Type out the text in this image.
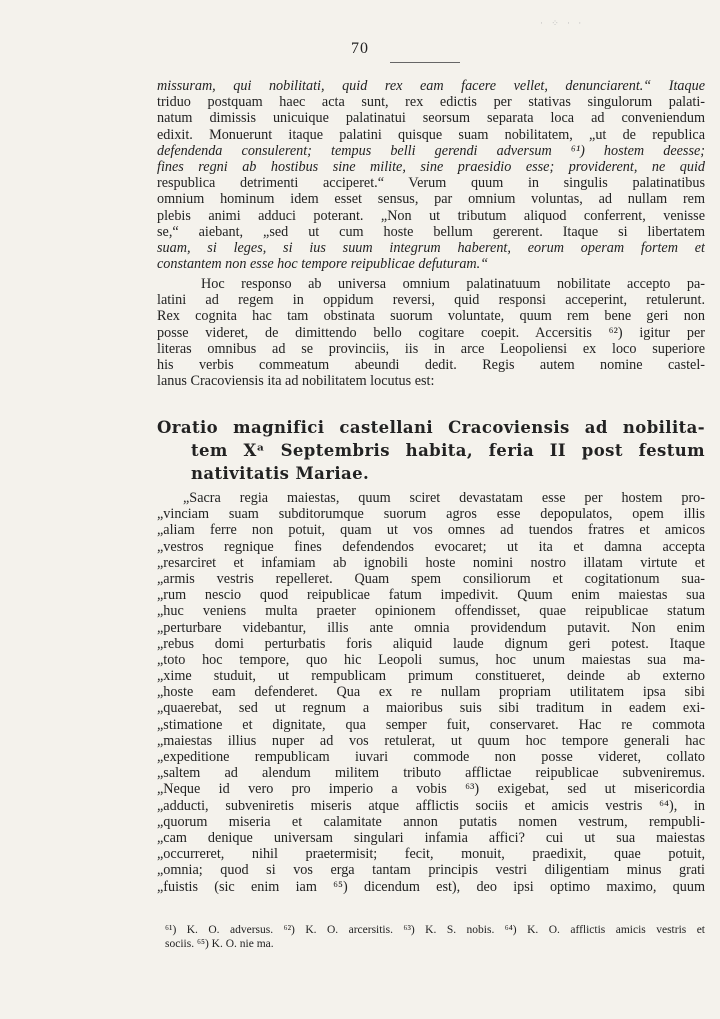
· ⁘ · ·
70
missuram, qui nobilitati, quid rex eam facere vellet, denunciarent.“ Itaque
triduo postquam haec acta sunt, rex edictis per stativas singulorum palati-
natum dimissis unicuique palatinatui seorsum separata loca ad conveniendum
edixit. Monuerunt itaque palatini quisque suam nobilitatem, „ut de republica
defendenda consulerent; tempus belli gerendi adversum ⁶¹) hostem deesse;
fines regni ab hostibus sine milite, sine praesidio esse; providerent, ne quid
respublica detrimenti acciperet.“ Verum quum in singulis palatinatibus
omnium hominum idem esset sensus, par omnium voluntas, ad nullam rem
plebis animi adduci poterant. „Non ut tributum aliquod conferrent, venisse
se,“ aiebant, „sed ut cum hoste bellum gererent. Itaque si libertatem
suam, si leges, si ius suum integrum haberent, eorum operam fortem et
constantem non esse hoc tempore reipublicae defuturam.“
Hoc responso ab universa omnium palatinatuum nobilitate accepto pa-
latini ad regem in oppidum reversi, quid responsi acceperint, retulerunt.
Rex cognita hac tam obstinata suorum voluntate, quum rem bene geri non
posse videret, de dimittendo bello cogitare coepit. Accersitis ⁶²) igitur per
literas omnibus ad se provinciis, iis in arce Leopoliensi ex loco superiore
his verbis commeatum abeundi dedit. Regis autem nomine castel-
lanus Cracoviensis ita ad nobilitatem locutus est:
Oratio magnifici castellani Cracoviensis ad nobilita-
tem Xᵃ Septembris habita, feria II post festum
nativitatis Mariae.
„Sacra regia maiestas, quum sciret devastatam esse per hostem pro-
„vinciam suam subditorumque suorum agros esse depopulatos, opem illis
„aliam ferre non potuit, quam ut vos omnes ad tuendos fratres et amicos
„vestros regnique fines defendendos evocaret; ut ita et damna accepta
„resarciret et infamiam ab ignobili hoste nomini nostro illatam virtute et
„armis vestris repelleret. Quam spem consiliorum et cogitationum sua-
„rum nescio quod reipublicae fatum impedivit. Quum enim maiestas sua
„huc veniens multa praeter opinionem offendisset, quae reipublicae statum
„perturbare videbantur, illis ante omnia providendum putavit. Non enim
„rebus domi perturbatis foris aliquid laude dignum geri potest. Itaque
„toto hoc tempore, quo hic Leopoli sumus, hoc unum maiestas sua ma-
„xime studuit, ut rempublicam primum constitueret, deinde ab externo
„hoste eam defenderet. Qua ex re nullam propriam utilitatem ipsa sibi
„quaerebat, sed ut regnum a maioribus suis sibi traditum in eadem exi-
„stimatione et dignitate, qua semper fuit, conservaret. Hac re commota
„maiestas illius nuper ad vos retulerat, ut quum hoc tempore generali hac
„expeditione rempublicam iuvari commode non posse videret, collato
„saltem ad alendum militem tributo afflictae reipublicae subveniremus.
„Neque id vero pro imperio a vobis ⁶³) exigebat, sed ut misericordia
„adducti, subveniretis miseris atque afflictis sociis et amicis vestris ⁶⁴), in
„quorum miseria et calamitate annon putatis nomen vestrum, rempubli-
„cam denique universam singulari infamia affici? cui ut sua maiestas
„occurreret, nihil praetermisit; fecit, monuit, praedixit, quae potuit,
„omnia; quod si vos erga tantam principis vestri diligentiam minus grati
„fuistis (sic enim iam ⁶⁵) dicendum est), deo ipsi optimo maximo, quum
⁶¹) K. O. adversus. ⁶²) K. O. arcersitis. ⁶³) K. S. nobis. ⁶⁴) K. O. afflictis amicis vestris et
sociis. ⁶⁵) K. O. nie ma.
